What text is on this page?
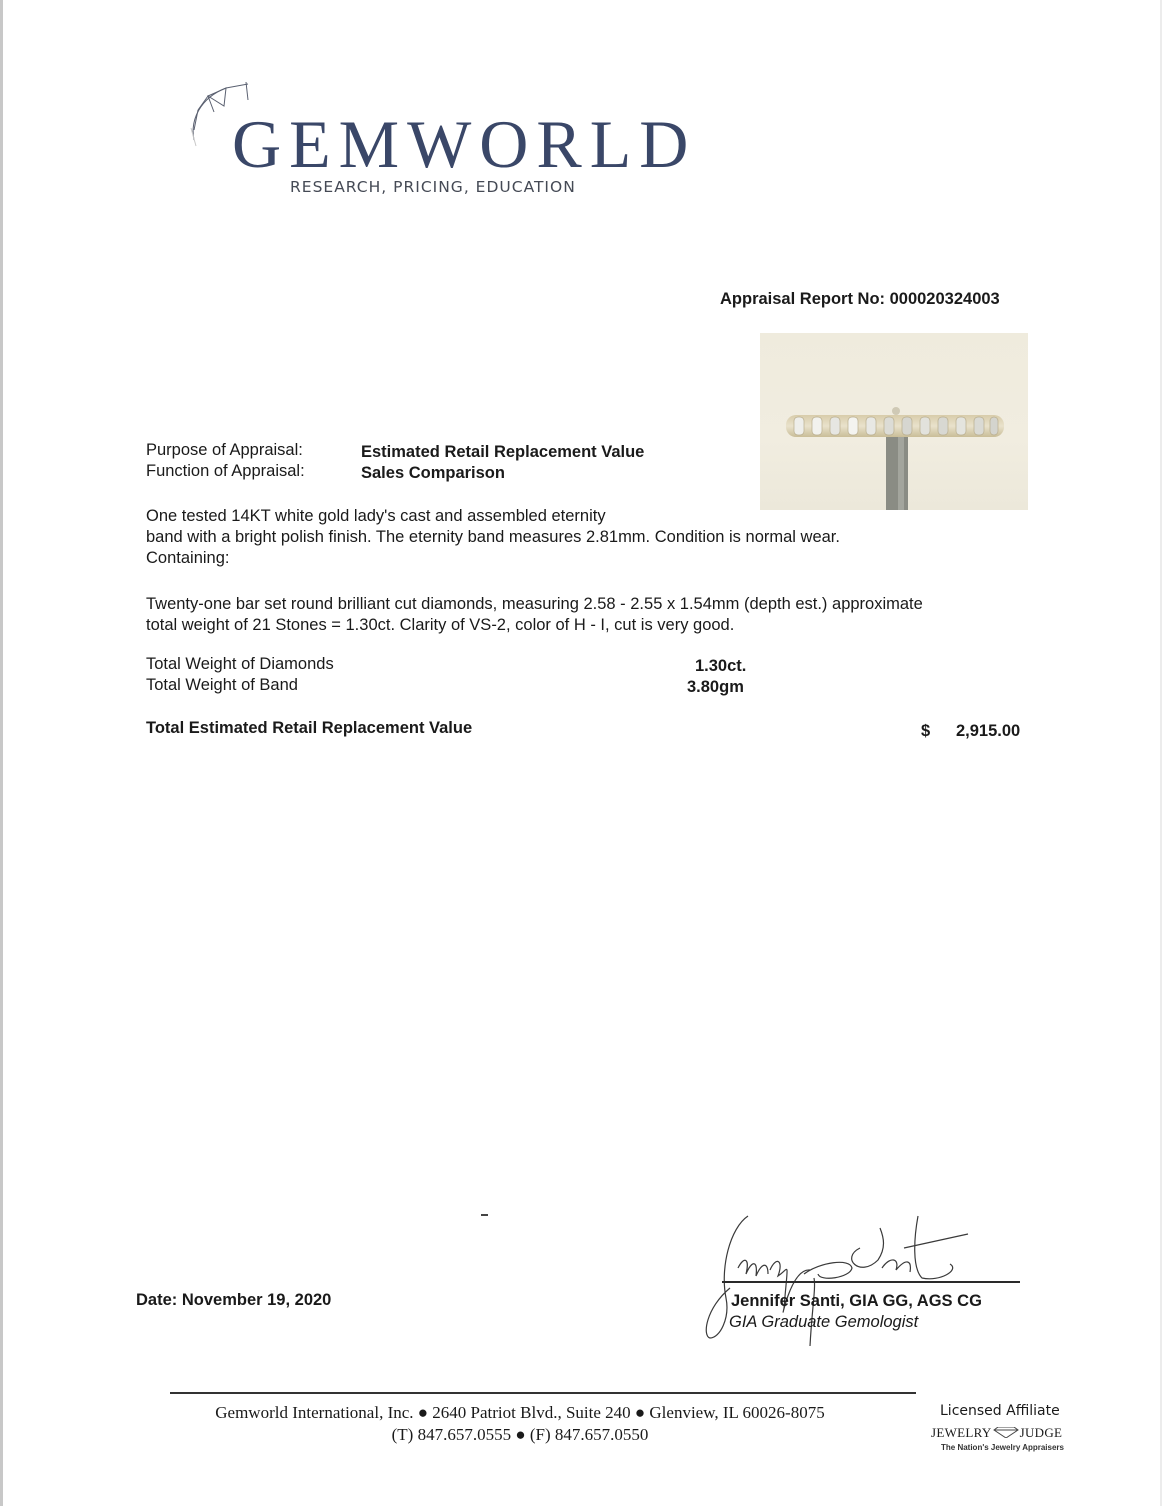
GEMWORLD
RESEARCH, PRICING, EDUCATION
Appraisal Report No: 000020324003
Purpose of Appraisal:	Estimated Retail Replacement Value
Function of Appraisal:	Sales Comparison
One tested 14KT white gold lady's cast and assembled eternity
band with a bright polish finish. The eternity band measures 2.81mm. Condition is normal wear.
Containing:
Twenty-one bar set round brilliant cut diamonds, measuring 2.58 - 2.55 x 1.54mm (depth est.) approximate
total weight of 21 Stones = 1.30ct. Clarity of VS-2, color of H - I, cut is very good.
Total Weight of Diamonds	1.30ct.
Total Weight of Band	3.80gm
Total Estimated Retail Replacement Value	$ 2,915.00
Date: November 19, 2020	Jennifer Santi, GIA GG, AGS CG
GIA Graduate Gemologist
Gemworld International, Inc. ● 2640 Patriot Blvd., Suite 240 ● Glenview, IL 60026-8075
(T) 847.657.0555 ● (F) 847.657.0550
Licensed Affiliate
JEWELRY JUDGE
The Nation's Jewelry Appraisers
